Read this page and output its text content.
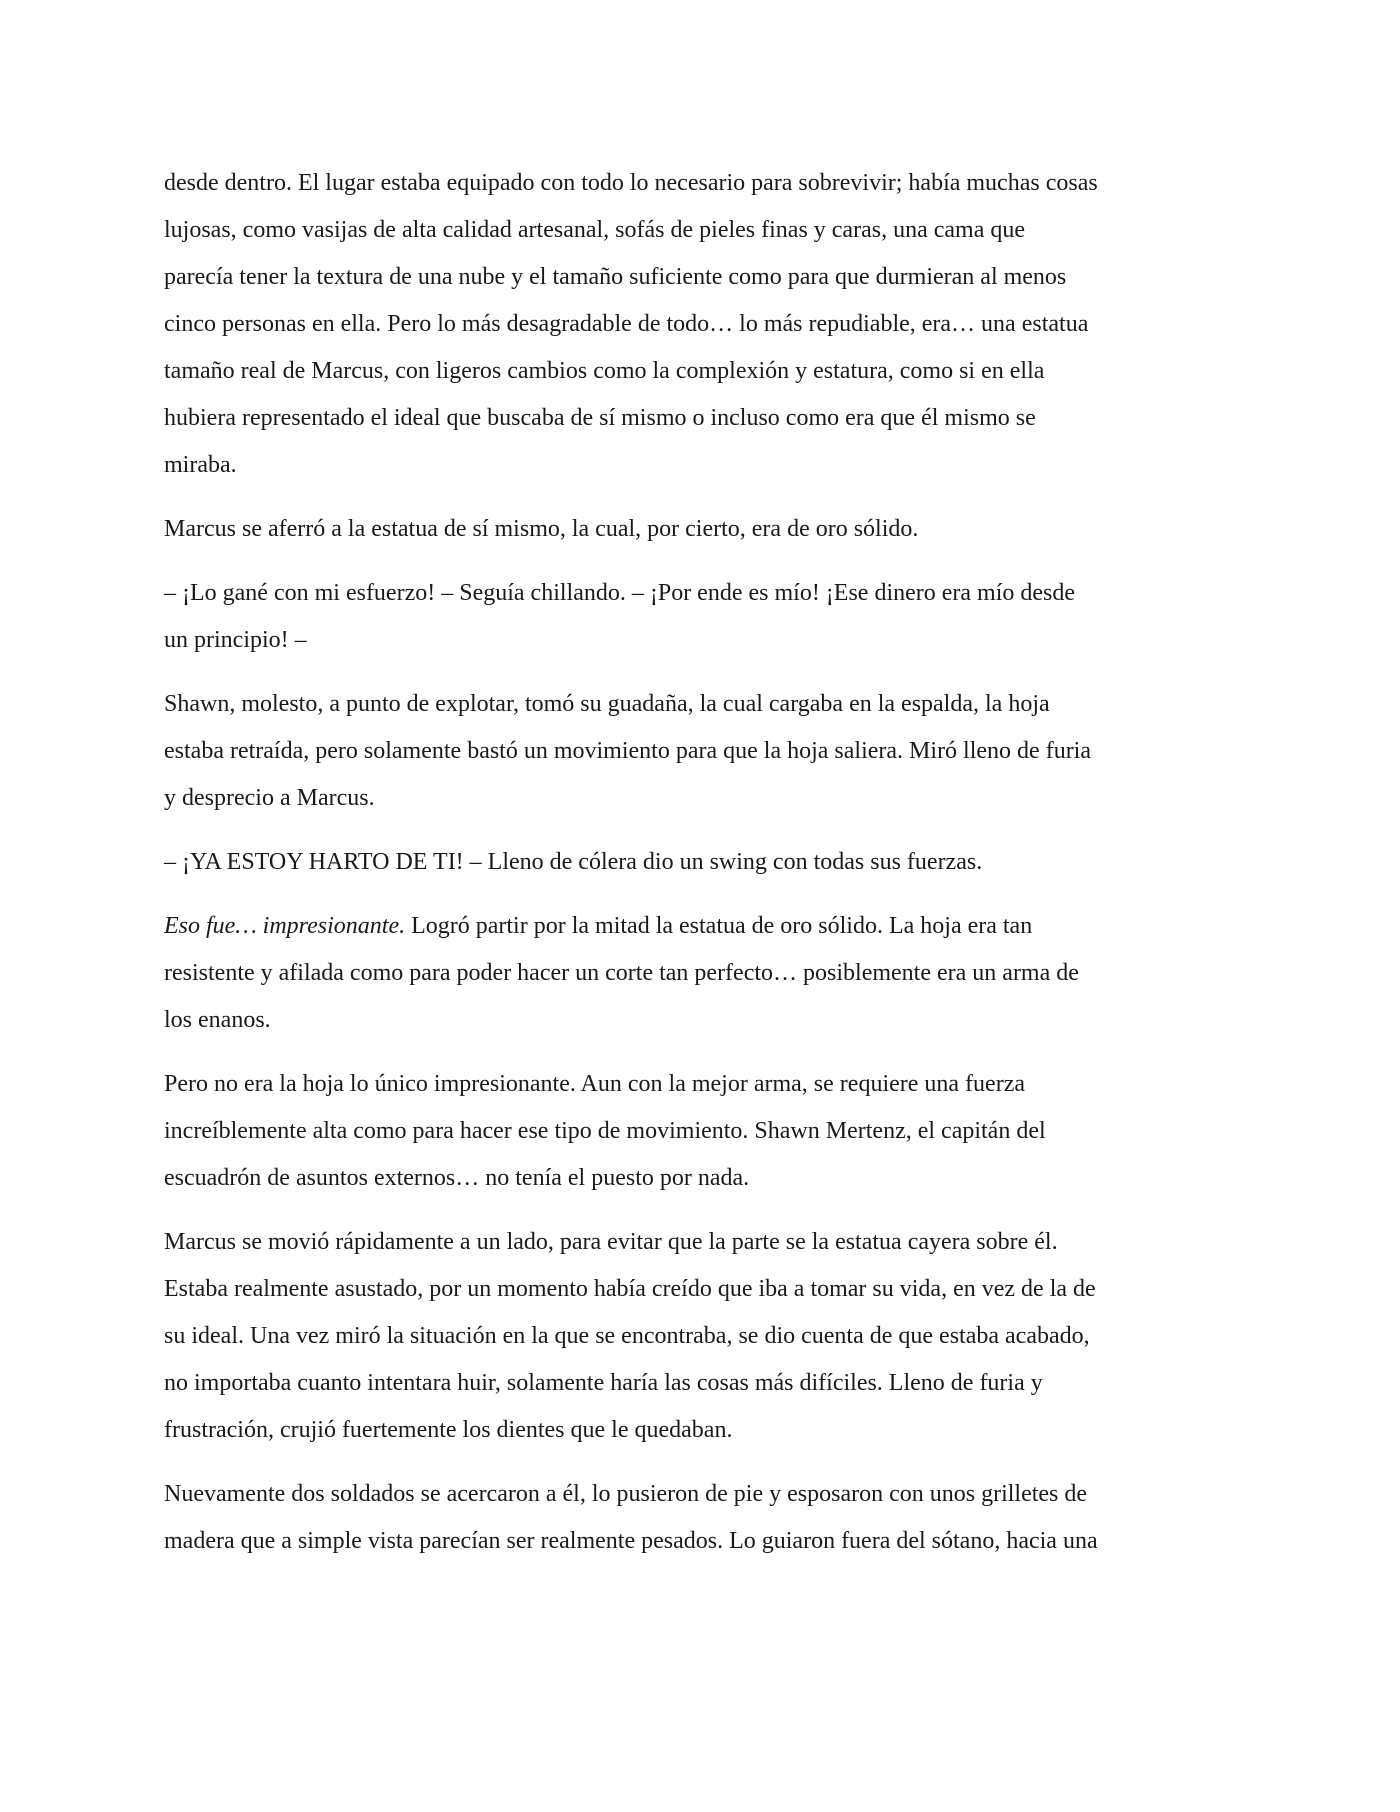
desde dentro. El lugar estaba equipado con todo lo necesario para sobrevivir; había muchas cosas
lujosas, como vasijas de alta calidad artesanal, sofás de pieles finas y caras, una cama que
parecía tener la textura de una nube y el tamaño suficiente como para que durmieran al menos
cinco personas en ella. Pero lo más desagradable de todo… lo más repudiable, era… una estatua
tamaño real de Marcus, con ligeros cambios como la complexión y estatura, como si en ella
hubiera representado el ideal que buscaba de sí mismo o incluso como era que él mismo se
miraba.

Marcus se aferró a la estatua de sí mismo, la cual, por cierto, era de oro sólido.

– ¡Lo gané con mi esfuerzo! – Seguía chillando. – ¡Por ende es mío! ¡Ese dinero era mío desde
un principio! –

Shawn, molesto, a punto de explotar, tomó su guadaña, la cual cargaba en la espalda, la hoja
estaba retraída, pero solamente bastó un movimiento para que la hoja saliera. Miró lleno de furia
y desprecio a Marcus.

– ¡YA ESTOY HARTO DE TI! – Lleno de cólera dio un swing con todas sus fuerzas.

Eso fue… impresionante. Logró partir por la mitad la estatua de oro sólido. La hoja era tan
resistente y afilada como para poder hacer un corte tan perfecto… posiblemente era un arma de
los enanos.

Pero no era la hoja lo único impresionante. Aun con la mejor arma, se requiere una fuerza
increíblemente alta como para hacer ese tipo de movimiento. Shawn Mertenz, el capitán del
escuadrón de asuntos externos… no tenía el puesto por nada.

Marcus se movió rápidamente a un lado, para evitar que la parte se la estatua cayera sobre él.
Estaba realmente asustado, por un momento había creído que iba a tomar su vida, en vez de la de
su ideal. Una vez miró la situación en la que se encontraba, se dio cuenta de que estaba acabado,
no importaba cuanto intentara huir, solamente haría las cosas más difíciles. Lleno de furia y
frustración, crujió fuertemente los dientes que le quedaban.

Nuevamente dos soldados se acercaron a él, lo pusieron de pie y esposaron con unos grilletes de
madera que a simple vista parecían ser realmente pesados. Lo guiaron fuera del sótano, hacia una
